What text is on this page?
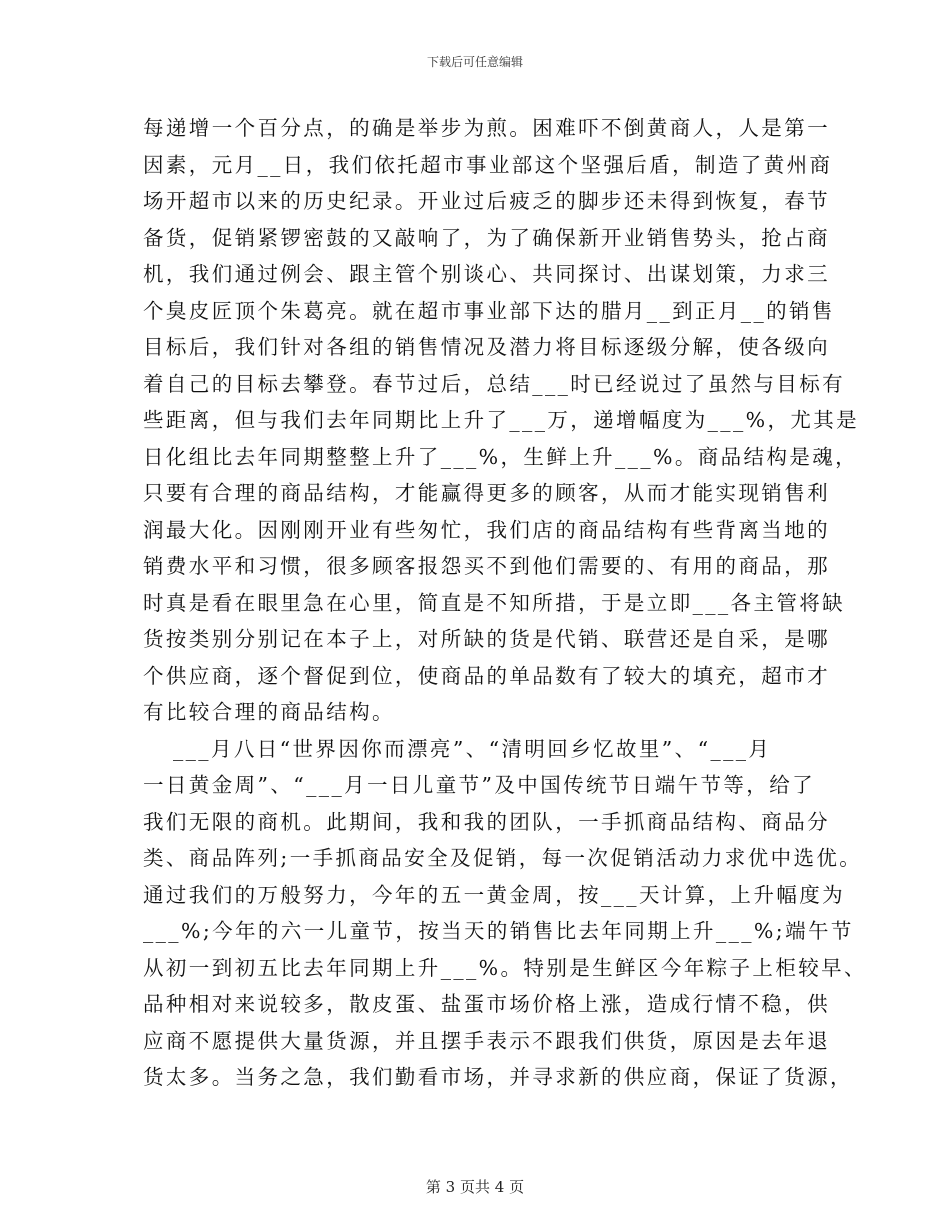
下载后可任意编辑
每递增一个百分点，的确是举步为煎。困难吓不倒黄商人，人是第一
因素，元月__日，我们依托超市事业部这个坚强后盾，制造了黄州商
场开超市以来的历史纪录。开业过后疲乏的脚步还未得到恢复，春节
备货，促销紧锣密鼓的又敲响了，为了确保新开业销售势头，抢占商
机，我们通过例会、跟主管个别谈心、共同探讨、出谋划策，力求三
个臭皮匠顶个朱葛亮。就在超市事业部下达的腊月__到正月__的销售
目标后，我们针对各组的销售情况及潜力将目标逐级分解，使各级向
着自己的目标去攀登。春节过后，总结___时已经说过了虽然与目标有
些距离，但与我们去年同期比上升了___万，递增幅度为___%，尤其是
日化组比去年同期整整上升了___%，生鲜上升___%。商品结构是魂，
只要有合理的商品结构，才能赢得更多的顾客，从而才能实现销售利
润最大化。因刚刚开业有些匆忙，我们店的商品结构有些背离当地的
销费水平和习惯，很多顾客报怨买不到他们需要的、有用的商品，那
时真是看在眼里急在心里，简直是不知所措，于是立即___各主管将缺
货按类别分别记在本子上，对所缺的货是代销、联营还是自采，是哪
个供应商，逐个督促到位，使商品的单品数有了较大的填充，超市才
有比较合理的商品结构。
___月八日“世界因你而漂亮”、“清明回乡忆故里”、“___月
一日黄金周”、“___月一日儿童节”及中国传统节日端午节等，给了
我们无限的商机。此期间，我和我的团队，一手抓商品结构、商品分
类、商品阵列;一手抓商品安全及促销，每一次促销活动力求优中选优。
通过我们的万般努力，今年的五一黄金周，按___天计算，上升幅度为
___%;今年的六一儿童节，按当天的销售比去年同期上升___%;端午节
从初一到初五比去年同期上升___%。特别是生鲜区今年粽子上柜较早、
品种相对来说较多，散皮蛋、盐蛋市场价格上涨，造成行情不稳，供
应商不愿提供大量货源，并且摆手表示不跟我们供货，原因是去年退
货太多。当务之急，我们勤看市场，并寻求新的供应商，保证了货源，
第 3 页共 4 页
